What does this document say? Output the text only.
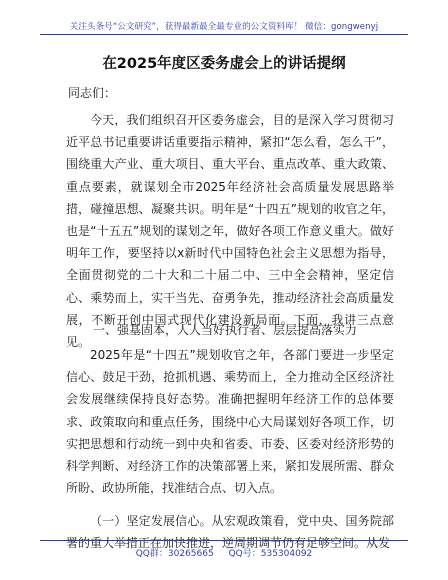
关注头条号“公文研究”，获得最新最全最专业的公文资料库！ 微信：gongwenyj
在2025年度区委务虚会上的讲话提纲
同志们：
今天，我们组织召开区委务虚会，目的是深入学习贯彻习近平总书记重要讲话重要指示精神，紧扣“怎么看，怎么干”，围绕重大产业、重大项目、重大平台、重点改革、重大政策、重点要素，就谋划全市2025年经济社会高质量发展思路举措，碰撞思想、凝聚共识。明年是“十四五”规划的收官之年，也是“十五五”规划的谋划之年，做好各项工作意义重大。做好明年工作，要坚持以x新时代中国特色社会主义思想为指导，全面贯彻党的二十大和二十届二中、三中全会精神，坚定信心、乘势而上，实干当先、奋勇争先，推动经济社会高质量发展，不断开创中国式现代化建设新局面。下面，我讲三点意见。
一、强基固本，人人当好执行者、层层提高落实力
2025年是“十四五”规划收官之年，各部门要进一步坚定信心、鼓足干劲，抢抓机遇、乘势而上，全力推动全区经济社会发展继续保持良好态势。准确把握明年经济工作的总体要求、政策取向和重点任务，围绕中心大局谋划好各项工作，切实把思想和行动统一到中央和省委、市委、区委对经济形势的科学判断、对经济工作的决策部署上来，紧扣发展所需、群众所盼、政协所能，找准结合点、切入点。
（一）坚定发展信心。从宏观政策看，党中央、国务院部署的重大举措正在加快推进，逆周期调节仍有足够空间。从发
QQ群：30265665 QQ号：535304092
